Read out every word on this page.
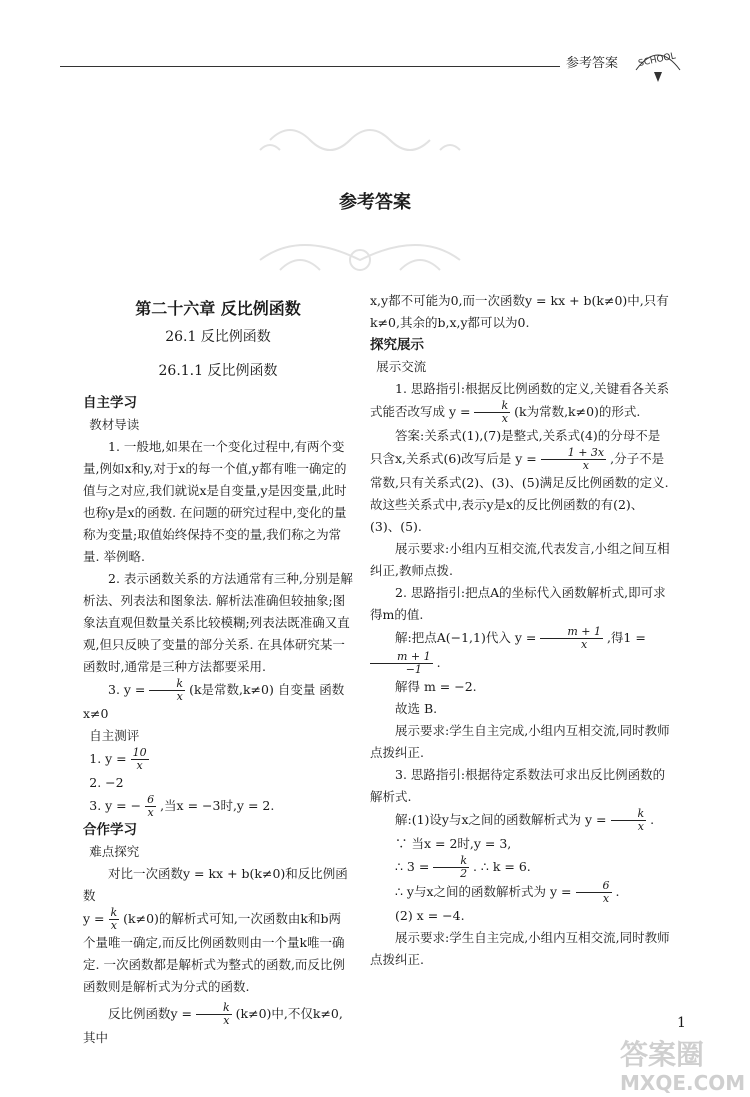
参考答案 SCHOOL
参考答案
第二十六章 反比例函数
26.1 反比例函数
26.1.1 反比例函数
自主学习
教材导读

1. 一般地,如果在一个变化过程中,有两个变量,例如x和y,对于x的每一个值,y都有唯一确定的值与之对应,我们就说x是自变量,y是因变量,此时也称y是x的函数. 在问题的研究过程中,变化的量称为变量;取值始终保持不变的量,我们称之为常量. 举例略.

2. 表示函数关系的方法通常有三种,分别是解析法、列表法和图象法. 解析法准确但较抽象;图象法直观但数量关系比较模糊;列表法既准确又直观,但只反映了变量的部分关系. 在具体研究某一函数时,通常是三种方法都要采用.

3. $y = \frac{k}{x} (k$是常数,k≠0) 自变量 函数

x≠0

自主测评

1. $y = \frac{10}{x}$

2. −2

3. y = − $\frac{6}{x}$ ,当x = −3时,y = 2.

合作学习
难点探究

对比一次函数y = kx + b(k≠0)和反比例函数

$y = \frac{k}{x} (k\ne 0)$的解析式可知,一次函数由k和b两

个量唯一确定,而反比例函数则由一个量k唯一确定. 一次函数都是解析式为整式的函数,而反比例函数则是解析式为分式的函数.

反比例函数$y = \frac{k}{x} (k\ne 0)$中,不仅k≠0,其中

x,y都不可能为0,而一次函数y = kx + b(k≠0)中,只有k≠0,其余的b,x,y都可以为0.

探究展示
展示交流

1. 思路指引:根据反比例函数的定义,关键看各关系式能否改写成 $y = \frac{k}{x} (k$为常数,k≠0)的形式.

答案:关系式(1),(7)是整式,关系式(4)的分母不是只含x,关系式(6)改写后是 $y = \frac{1 + 3x}{x}$ ,分子不是常数,只有关系式(2)、(3)、(5)满足反比例函数的定义. 故这些关系式中,表示y是x的反比例函数的有(2)、(3)、(5).

展示要求:小组内互相交流,代表发言,小组之间互相纠正,教师点拨.

2. 思路指引:把点A的坐标代入函数解析式,即可求得m的值.

解:把点A(−1,1)代入 $y = \frac{m + 1}{x}$ ,得1 =
$\frac{m + 1}{-1}$ .

解得 m = −2.

故选 B.

展示要求:学生自主完成,小组内互相交流,同时教师点拨纠正.

3. 思路指引:根据待定系数法可求出反比例函数的解析式.

解:(1)设y与x之间的函数解析式为 $y = \frac{k}{x}$ .

∵ 当x = 2时,y = 3,

∴ $3 = \frac{k}{2}$ . ∴ k = 6.

∴ y与x之间的函数解析式为 $y = \frac{6}{x}$ .

(2) x = −4.

展示要求:学生自主完成,小组内互相交流,同时教师点拨纠正.

1
答案圈
MXQE.COM
